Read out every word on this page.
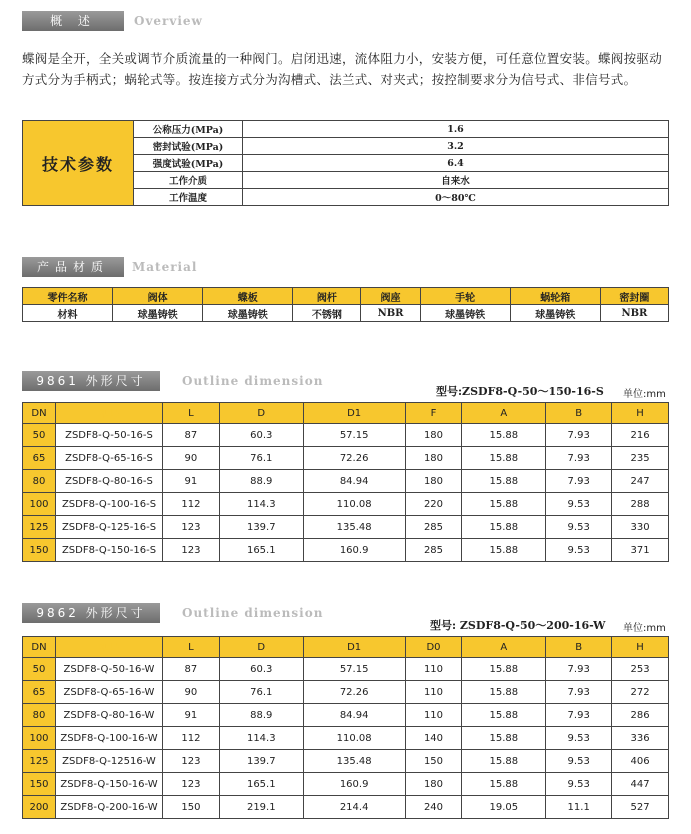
概 述	Overview
蝶阀是全开，全关或调节介质流量的一种阀门。启闭迅速，流体阻力小，安装方便，可任意位置安装。蝶阀按驱动方式分为手柄式；蜗轮式等。按连接方式分为沟槽式、法兰式、对夹式；按控制要求分为信号式、非信号式。
技术参数	公称压力(MPa)	1.6
	密封试验(MPa)	3.2
	强度试验(MPa)	6.4
	工作介质	自来水
	工作温度	0～80℃
产品材质	Material
零件名称	阀体	蝶板	阀杆	阀座	手轮	蜗轮箱	密封圈
材料	球墨铸铁	球墨铸铁	不锈钢	NBR	球墨铸铁	球墨铸铁	NBR
9861 外形尺寸	Outline dimension
型号:ZSDF8-Q-50～150-16-S 单位:mm
DN	型号	L	D	D1	F	A	B	H
50	ZSDF8-Q-50-16-S	87	60.3	57.15	180	15.88	7.93	216
65	ZSDF8-Q-65-16-S	90	76.1	72.26	180	15.88	7.93	235
80	ZSDF8-Q-80-16-S	91	88.9	84.94	180	15.88	7.93	247
100	ZSDF8-Q-100-16-S	112	114.3	110.08	220	15.88	9.53	288
125	ZSDF8-Q-125-16-S	123	139.7	135.48	285	15.88	9.53	330
150	ZSDF8-Q-150-16-S	123	165.1	160.9	285	15.88	9.53	371
9862 外形尺寸	Outline dimension
型号: ZSDF8-Q-50～200-16-W 单位:mm
DN	型号	L	D	D1	D0	A	B	H
50	ZSDF8-Q-50-16-W	87	60.3	57.15	110	15.88	7.93	253
65	ZSDF8-Q-65-16-W	90	76.1	72.26	110	15.88	7.93	272
80	ZSDF8-Q-80-16-W	91	88.9	84.94	110	15.88	7.93	286
100	ZSDF8-Q-100-16-W	112	114.3	110.08	140	15.88	9.53	336
125	ZSDF8-Q-12516-W	123	139.7	135.48	150	15.88	9.53	406
150	ZSDF8-Q-150-16-W	123	165.1	160.9	180	15.88	9.53	447
200	ZSDF8-Q-200-16-W	150	219.1	214.4	240	19.05	11.1	527
